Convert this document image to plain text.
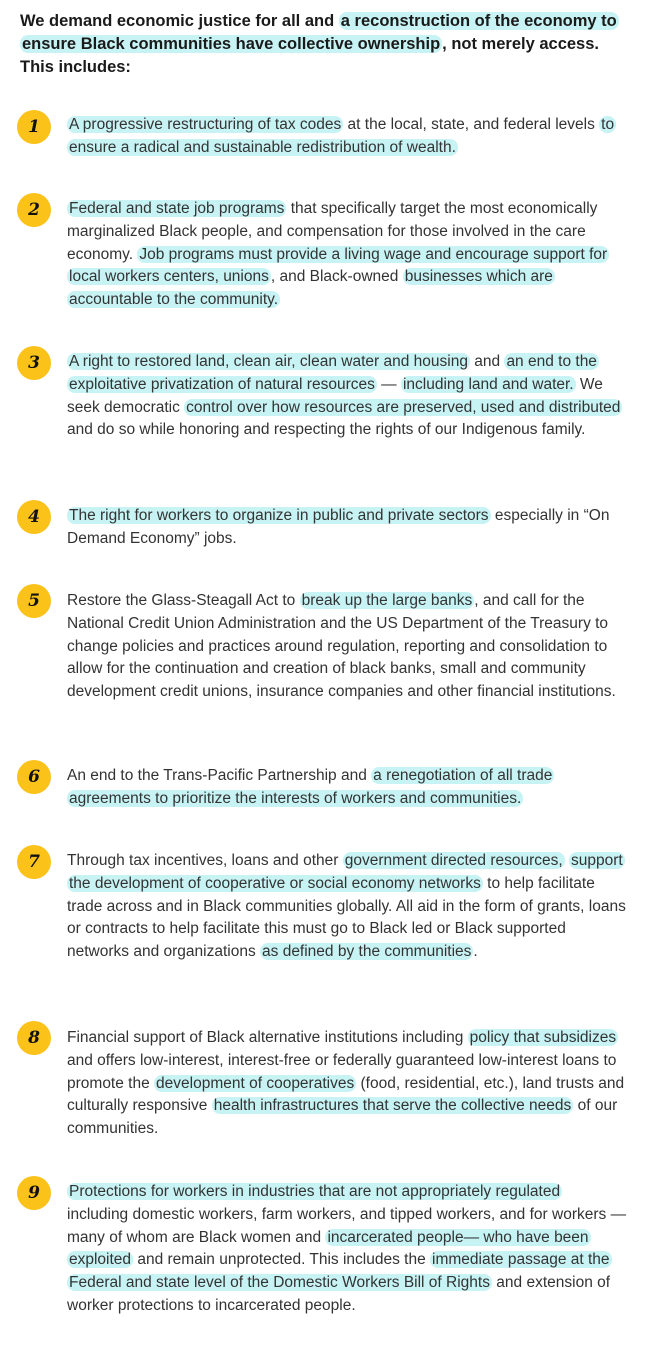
We demand economic justice for all and a reconstruction of the economy to ensure Black communities have collective ownership , not merely access. This includes:

1	A progressive restructuring of tax codes at the local, state, and federal levels to ensure a radical and sustainable redistribution of wealth.

2	Federal and state job programs that specifically target the most economically marginalized Black people, and compensation for those involved in the care economy. Job programs must provide a living wage and encourage support for local workers centers, unions , and Black-owned businesses which are accountable to the community.

3	A right to restored land, clean air, clean water and housing and an end to the exploitative privatization of natural resources — including land and water. We seek democratic control over how resources are preserved, used and distributed and do so while honoring and respecting the rights of our Indigenous family.

4	The right for workers to organize in public and private sectors especially in “On Demand Economy” jobs.

5	Restore the Glass-Steagall Act to break up the large banks , and call for the National Credit Union Administration and the US Department of the Treasury to change policies and practices around regulation, reporting and consolidation to allow for the continuation and creation of black banks, small and community development credit unions, insurance companies and other financial institutions.

6	An end to the Trans-Pacific Partnership and a renegotiation of all trade agreements to prioritize the interests of workers and communities.

7	Through tax incentives, loans and other government directed resources, support the development of cooperative or social economy networks to help facilitate trade across and in Black communities globally. All aid in the form of grants, loans or contracts to help facilitate this must go to Black led or Black supported networks and organizations as defined by the communities .

8	Financial support of Black alternative institutions including policy that subsidizes and offers low-interest, interest-free or federally guaranteed low-interest loans to promote the development of cooperatives (food, residential, etc.), land trusts and culturally responsive health infrastructures that serve the collective needs of our communities.

9	Protections for workers in industries that are not appropriately regulated including domestic workers, farm workers, and tipped workers, and for workers — many of whom are Black women and incarcerated people— who have been exploited and remain unprotected. This includes the immediate passage at the Federal and state level of the Domestic Workers Bill of Rights and extension of worker protections to incarcerated people.
